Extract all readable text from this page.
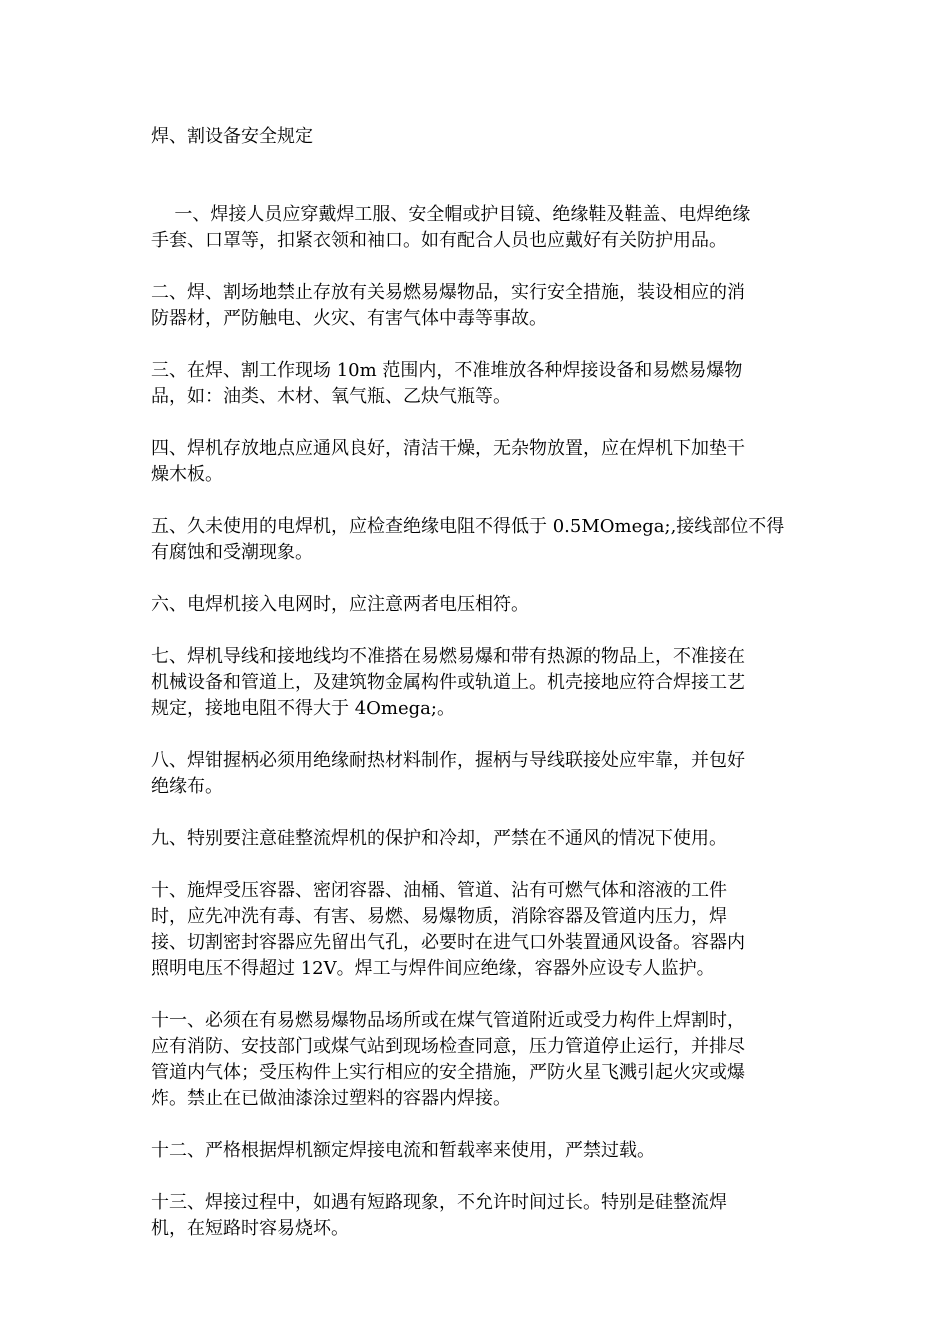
焊、割设备安全规定

一、焊接人员应穿戴焊工服、安全帽或护目镜、绝缘鞋及鞋盖、电焊绝缘
手套、口罩等，扣紧衣领和袖口。如有配合人员也应戴好有关防护用品。

二、焊、割场地禁止存放有关易燃易爆物品，实行安全措施，装设相应的消
防器材，严防触电、火灾、有害气体中毒等事故。

三、在焊、割工作现场 10m 范围内，不准堆放各种焊接设备和易燃易爆物
品，如：油类、木材、氧气瓶、乙炔气瓶等。

四、焊机存放地点应通风良好，清洁干燥，无杂物放置，应在焊机下加垫干
燥木板。

五、久未使用的电焊机，应检查绝缘电阻不得低于 0.5MOmega;,接线部位不得
有腐蚀和受潮现象。

六、电焊机接入电网时，应注意两者电压相符。

七、焊机导线和接地线均不准搭在易燃易爆和带有热源的物品上，不准接在
机械设备和管道上，及建筑物金属构件或轨道上。机壳接地应符合焊接工艺
规定，接地电阻不得大于 4Omega;。

八、焊钳握柄必须用绝缘耐热材料制作，握柄与导线联接处应牢靠，并包好
绝缘布。

九、特别要注意硅整流焊机的保护和冷却，严禁在不通风的情况下使用。

十、施焊受压容器、密闭容器、油桶、管道、沾有可燃气体和溶液的工件
时，应先冲洗有毒、有害、易燃、易爆物质，消除容器及管道内压力，焊
接、切割密封容器应先留出气孔，必要时在进气口外装置通风设备。容器内
照明电压不得超过 12V。焊工与焊件间应绝缘，容器外应设专人监护。

十一、必须在有易燃易爆物品场所或在煤气管道附近或受力构件上焊割时，
应有消防、安技部门或煤气站到现场检查同意，压力管道停止运行，并排尽
管道内气体；受压构件上实行相应的安全措施，严防火星飞溅引起火灾或爆
炸。禁止在已做油漆涂过塑料的容器内焊接。

十二、严格根据焊机额定焊接电流和暂载率来使用，严禁过载。

十三、焊接过程中，如遇有短路现象，不允许时间过长。特别是硅整流焊
机，在短路时容易烧坏。
